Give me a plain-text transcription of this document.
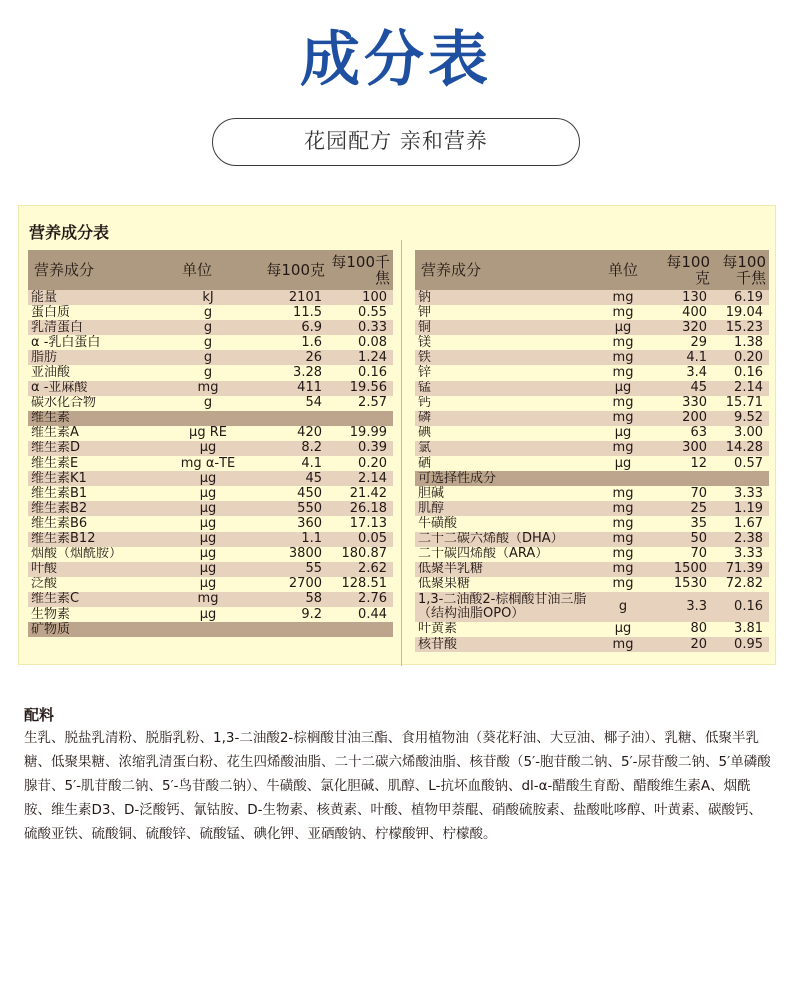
成分表
花园配方 亲和营养
营养成分表
营养成分	单位	每100克	每100千焦
能量	kJ	2101	100
蛋白质	g	11.5	0.55
乳清蛋白	g	6.9	0.33
α -乳白蛋白	g	1.6	0.08
脂肪	g	26	1.24
亚油酸	g	3.28	0.16
α -亚麻酸	mg	411	19.56
碳水化合物	g	54	2.57
维生素			
维生素A	μg RE	420	19.99
维生素D	μg	8.2	0.39
维生素E	mg α-TE	4.1	0.20
维生素K1	μg	45	2.14
维生素B1	μg	450	21.42
维生素B2	μg	550	26.18
维生素B6	μg	360	17.13
维生素B12	μg	1.1	0.05
烟酸（烟酰胺）	μg	3800	180.87
叶酸	μg	55	2.62
泛酸	μg	2700	128.51
维生素C	mg	58	2.76
生物素	μg	9.2	0.44
矿物质			
营养成分	单位	每100克	每100千焦
钠	mg	130	6.19
钾	mg	400	19.04
铜	μg	320	15.23
镁	mg	29	1.38
铁	mg	4.1	0.20
锌	mg	3.4	0.16
锰	μg	45	2.14
钙	mg	330	15.71
磷	mg	200	9.52
碘	μg	63	3.00
氯	mg	300	14.28
硒	μg	12	0.57
可选择性成分			
胆碱	mg	70	3.33
肌醇	mg	25	1.19
牛磺酸	mg	35	1.67
二十二碳六烯酸（DHA）	mg	50	2.38
二十碳四烯酸（ARA）	mg	70	3.33
低聚半乳糖	mg	1500	71.39
低聚果糖	mg	1530	72.82
1,3-二油酸2-棕榈酸甘油三脂（结构油脂OPO）	g	3.3	0.16
叶黄素	μg	80	3.81
核苷酸	mg	20	0.95
配料
生乳、脱盐乳清粉、脱脂乳粉、1,3-二油酸2-棕榈酸甘油三酯、食用植物油（葵花籽油、大豆油、椰子油）、乳糖、低聚半乳糖、低聚果糖、浓缩乳清蛋白粉、花生四烯酸油脂、二十二碳六烯酸油脂、核苷酸（5′-胞苷酸二钠、5′-尿苷酸二钠、5′单磷酸腺苷、5′-肌苷酸二钠、5′-鸟苷酸二钠）、牛磺酸、氯化胆碱、肌醇、L-抗坏血酸钠、dl-α-醋酸生育酚、醋酸维生素A、烟酰胺、维生素D3、D-泛酸钙、氰钴胺、D-生物素、核黄素、叶酸、植物甲萘醌、硝酸硫胺素、盐酸吡哆醇、叶黄素、碳酸钙、硫酸亚铁、硫酸铜、硫酸锌、硫酸锰、碘化钾、亚硒酸钠、柠檬酸钾、柠檬酸。
